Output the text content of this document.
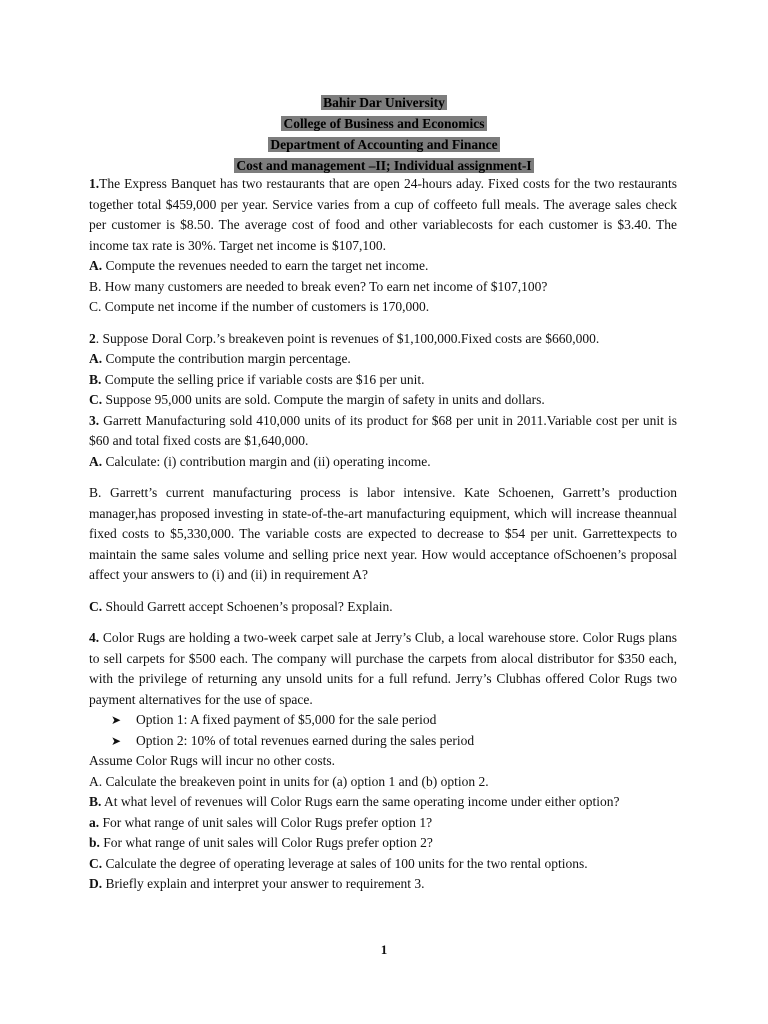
Bahir Dar University
College of Business and Economics
Department of Accounting and Finance
Cost and management –II; Individual assignment-I

1.The Express Banquet has two restaurants that are open 24-hours aday. Fixed costs for the two restaurants together total $459,000 per year. Service varies from a cup of coffeeto full meals. The average sales check per customer is $8.50. The average cost of food and other variablecosts for each customer is $3.40. The income tax rate is 30%. Target net income is $107,100.

A. Compute the revenues needed to earn the target net income.

B. How many customers are needed to break even? To earn net income of $107,100?

C. Compute net income if the number of customers is 170,000.

2. Suppose Doral Corp.’s breakeven point is revenues of $1,100,000.Fixed costs are $660,000.

A. Compute the contribution margin percentage.

B. Compute the selling price if variable costs are $16 per unit.

C. Suppose 95,000 units are sold. Compute the margin of safety in units and dollars.

3. Garrett Manufacturing sold 410,000 units of its product for $68 per unit in 2011.Variable cost per unit is $60 and total fixed costs are $1,640,000.

A. Calculate: (i) contribution margin and (ii) operating income.

B. Garrett’s current manufacturing process is labor intensive. Kate Schoenen, Garrett’s production manager,has proposed investing in state-of-the-art manufacturing equipment, which will increase theannual fixed costs to $5,330,000. The variable costs are expected to decrease to $54 per unit. Garrettexpects to maintain the same sales volume and selling price next year. How would acceptance ofSchoenen’s proposal affect your answers to (i) and (ii) in requirement A?

C. Should Garrett accept Schoenen’s proposal? Explain.

4. Color Rugs are holding a two-week carpet sale at Jerry’s Club, a local warehouse store. Color Rugs plans to sell carpets for $500 each. The company will purchase the carpets from alocal distributor for $350 each, with the privilege of returning any unsold units for a full refund. Jerry’s Clubhas offered Color Rugs two payment alternatives for the use of space.

➤	Option 1: A fixed payment of $5,000 for the sale period
➤	Option 2: 10% of total revenues earned during the sales period

Assume Color Rugs will incur no other costs.

A. Calculate the breakeven point in units for (a) option 1 and (b) option 2.

B. At what level of revenues will Color Rugs earn the same operating income under either option?

a. For what range of unit sales will Color Rugs prefer option 1?

b. For what range of unit sales will Color Rugs prefer option 2?

C. Calculate the degree of operating leverage at sales of 100 units for the two rental options.

D. Briefly explain and interpret your answer to requirement 3.

1
